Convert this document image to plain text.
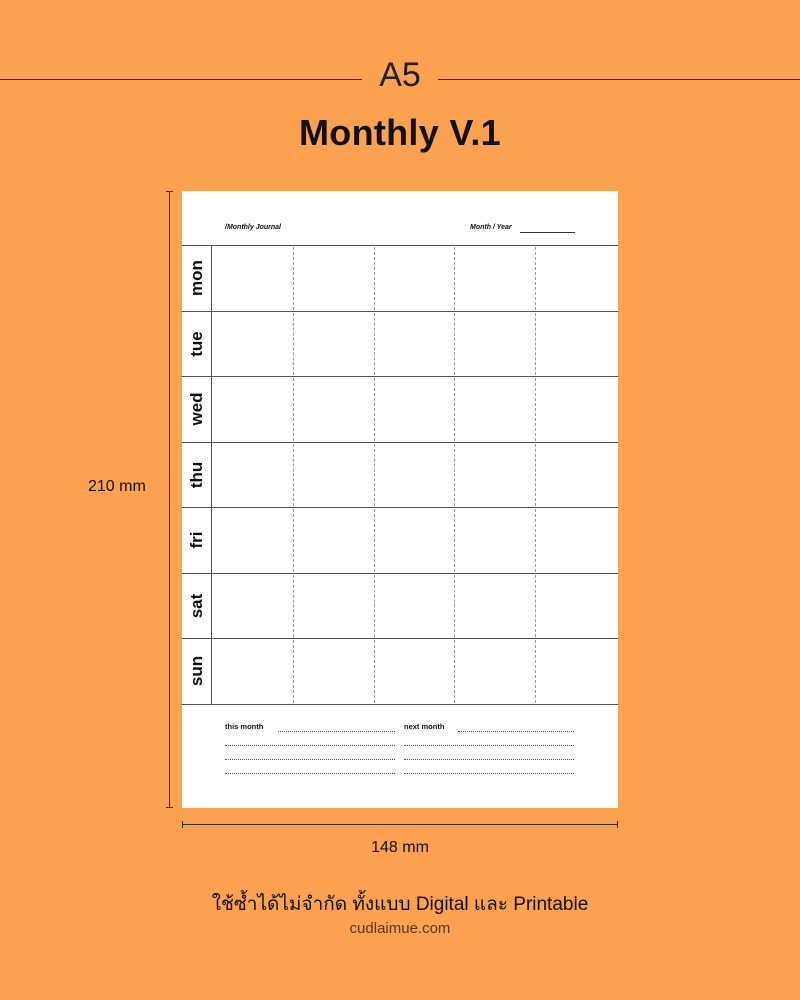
A5
Monthly V.1
210 mm
/Monthly Journal	Month / Year
mon
tue
wed
thu
fri
sat
sun
this month	next month
148 mm
ใช้ซ้ำได้ไม่จำกัด ทั้งแบบ Digital และ Printable
cudlaimue.com
